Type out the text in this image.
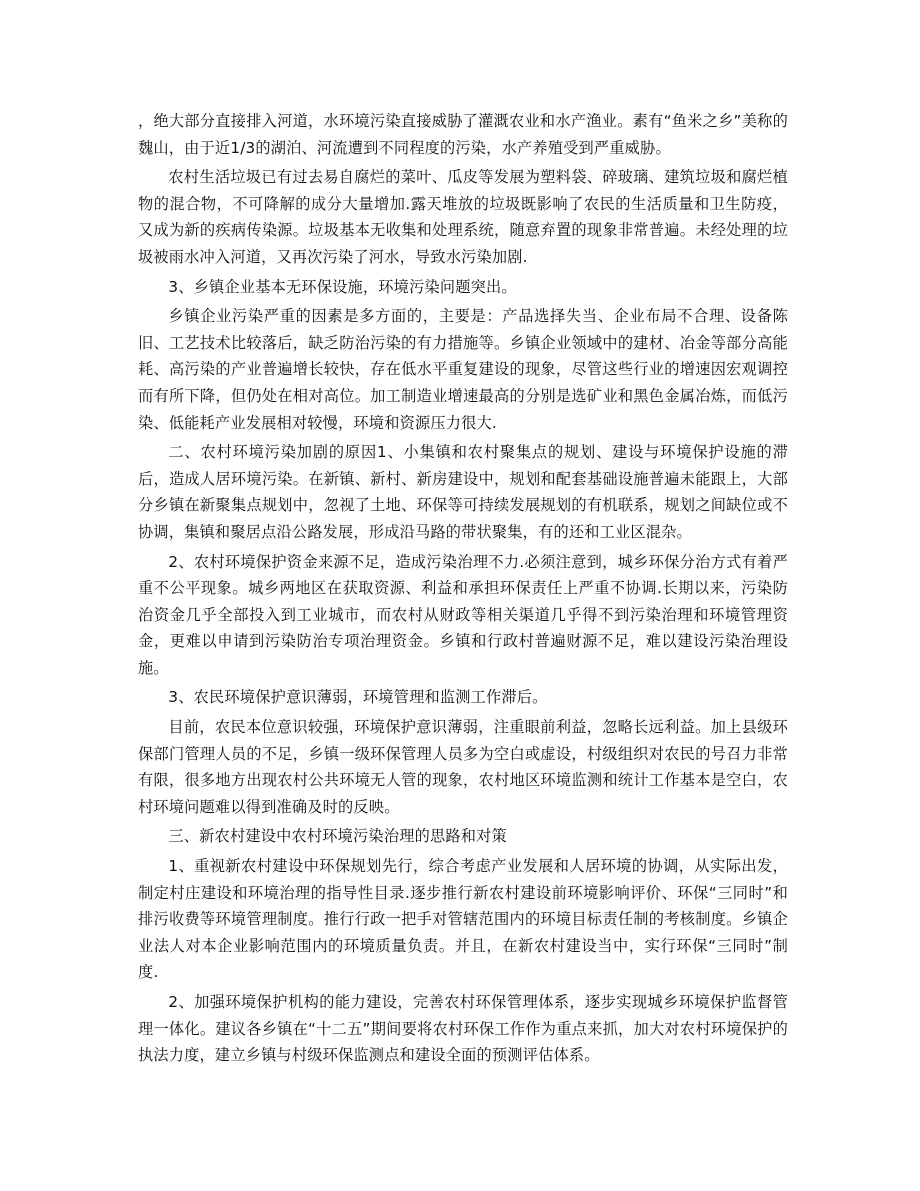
，绝大部分直接排入河道，水环境污染直接威胁了灌溉农业和水产渔业。素有“鱼米之乡”美称的魏山，由于近1/3的湖泊、河流遭到不同程度的污染，水产养殖受到严重威胁。

农村生活垃圾已有过去易自腐烂的菜叶、瓜皮等发展为塑料袋、碎玻璃、建筑垃圾和腐烂植物的混合物，不可降解的成分大量增加.露天堆放的垃圾既影响了农民的生活质量和卫生防疫，又成为新的疾病传染源。垃圾基本无收集和处理系统，随意弃置的现象非常普遍。未经处理的垃圾被雨水冲入河道，又再次污染了河水，导致水污染加剧.

3、乡镇企业基本无环保设施，环境污染问题突出。

乡镇企业污染严重的因素是多方面的，主要是：产品选择失当、企业布局不合理、设备陈旧、工艺技术比较落后，缺乏防治污染的有力措施等。乡镇企业领域中的建材、冶金等部分高能耗、高污染的产业普遍增长较快，存在低水平重复建设的现象，尽管这些行业的增速因宏观调控而有所下降，但仍处在相对高位。加工制造业增速最高的分别是选矿业和黑色金属冶炼，而低污染、低能耗产业发展相对较慢，环境和资源压力很大.

二、农村环境污染加剧的原因1、小集镇和农村聚集点的规划、建设与环境保护设施的滞后，造成人居环境污染。在新镇、新村、新房建设中，规划和配套基础设施普遍未能跟上，大部分乡镇在新聚集点规划中，忽视了土地、环保等可持续发展规划的有机联系，规划之间缺位或不协调，集镇和聚居点沿公路发展，形成沿马路的带状聚集，有的还和工业区混杂。

2、农村环境保护资金来源不足，造成污染治理不力.必须注意到，城乡环保分治方式有着严重不公平现象。城乡两地区在获取资源、利益和承担环保责任上严重不协调.长期以来，污染防治资金几乎全部投入到工业城市，而农村从财政等相关渠道几乎得不到污染治理和环境管理资金，更难以申请到污染防治专项治理资金。乡镇和行政村普遍财源不足，难以建设污染治理设施。

3、农民环境保护意识薄弱，环境管理和监测工作滞后。

目前，农民本位意识较强，环境保护意识薄弱，注重眼前利益，忽略长远利益。加上县级环保部门管理人员的不足，乡镇一级环保管理人员多为空白或虚设，村级组织对农民的号召力非常有限，很多地方出现农村公共环境无人管的现象，农村地区环境监测和统计工作基本是空白，农村环境问题难以得到准确及时的反映。

三、新农村建设中农村环境污染治理的思路和对策

1、重视新农村建设中环保规划先行，综合考虑产业发展和人居环境的协调，从实际出发，制定村庄建设和环境治理的指导性目录.逐步推行新农村建设前环境影响评价、环保“三同时”和排污收费等环境管理制度。推行行政一把手对管辖范围内的环境目标责任制的考核制度。乡镇企业法人对本企业影响范围内的环境质量负责。并且，在新农村建设当中，实行环保“三同时”制度.

2、加强环境保护机构的能力建设，完善农村环保管理体系，逐步实现城乡环境保护监督管理一体化。建议各乡镇在“十二五”期间要将农村环保工作作为重点来抓，加大对农村环境保护的执法力度，建立乡镇与村级环保监测点和建设全面的预测评估体系。
